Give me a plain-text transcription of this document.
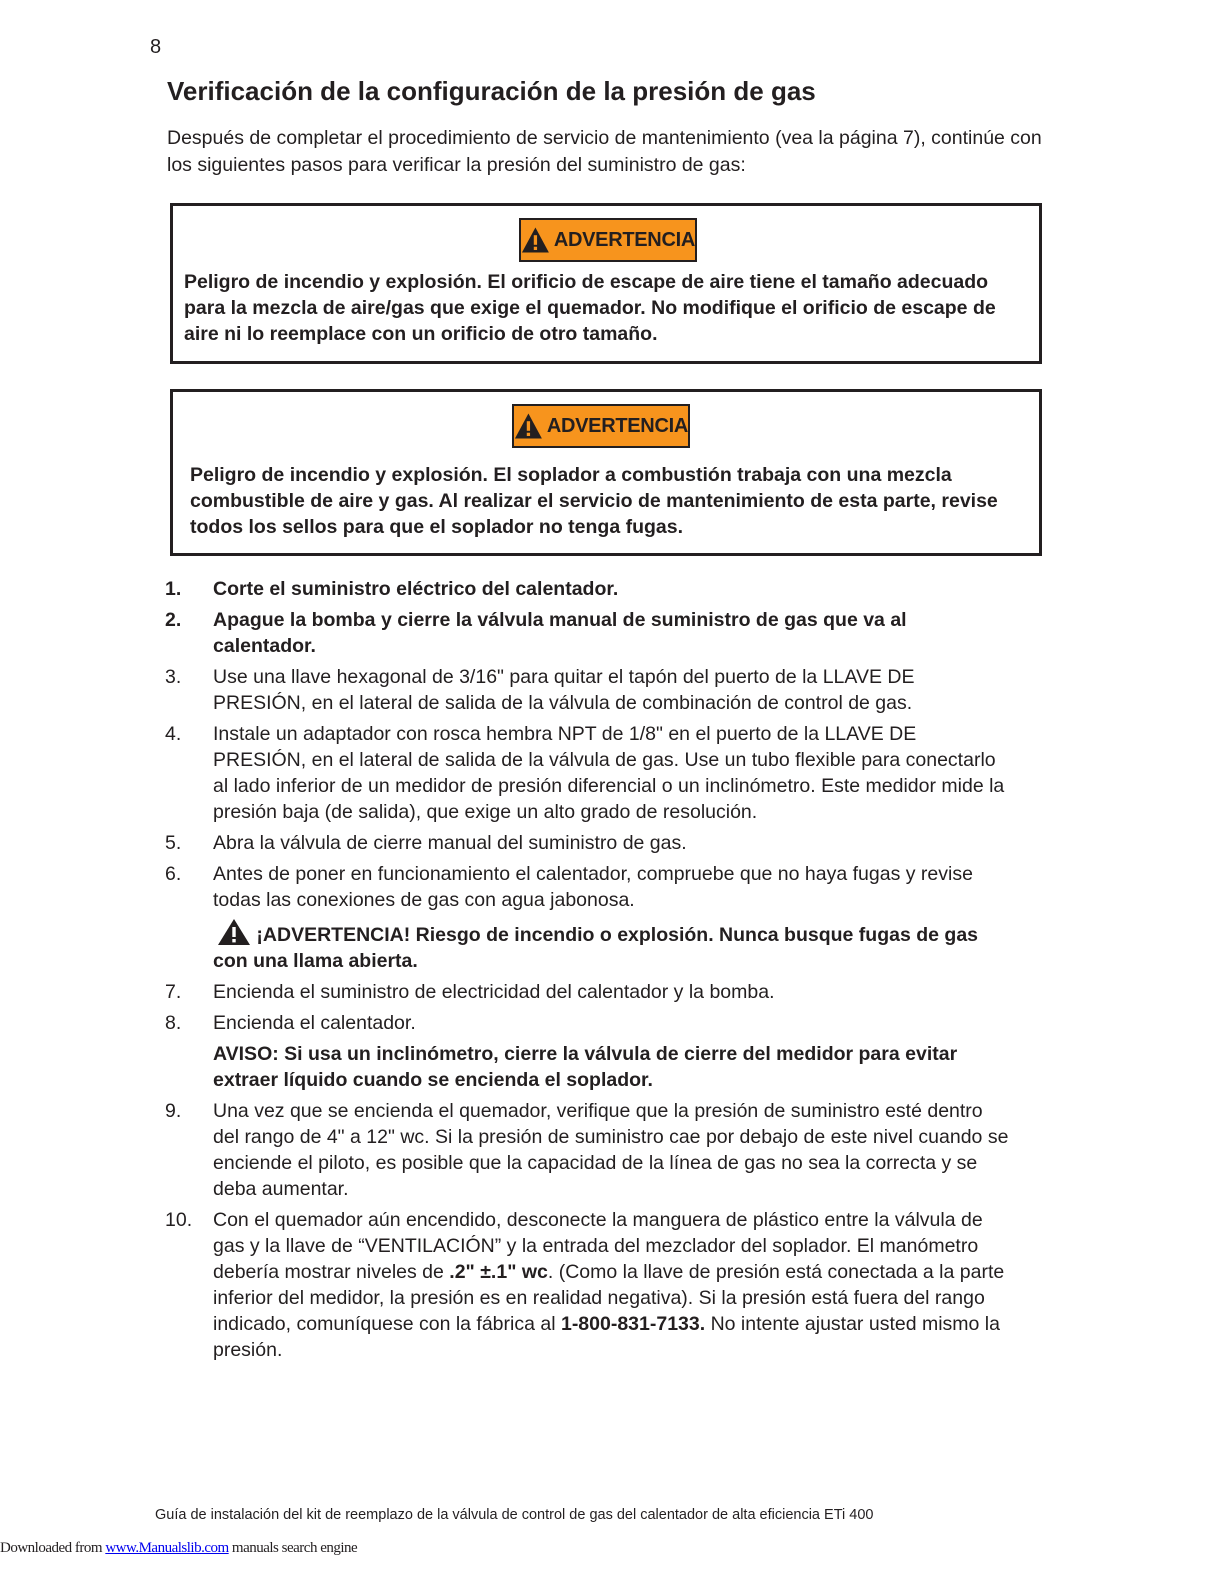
8
Verificación de la configuración de la presión de gas

Después de completar el procedimiento de servicio de mantenimiento (vea la página 7), continúe con los siguientes pasos para verificar la presión del suministro de gas:

ADVERTENCIA

Peligro de incendio y explosión. El orificio de escape de aire tiene el tamaño adecuado para la mezcla de aire/gas que exige el quemador. No modifique el orificio de escape de aire ni lo reemplace con un orificio de otro tamaño.

ADVERTENCIA

Peligro de incendio y explosión. El soplador a combustión trabaja con una mezcla combustible de aire y gas. Al realizar el servicio de mantenimiento de esta parte, revise todos los sellos para que el soplador no tenga fugas.

1.	Corte el suministro eléctrico del calentador.
2.	Apague la bomba y cierre la válvula manual de suministro de gas que va al calentador.
3.	Use una llave hexagonal de 3/16" para quitar el tapón del puerto de la LLAVE DE PRESIÓN, en el lateral de salida de la válvula de combinación de control de gas.
4.	Instale un adaptador con rosca hembra NPT de 1/8" en el puerto de la LLAVE DE PRESIÓN, en el lateral de salida de la válvula de gas. Use un tubo flexible para conectarlo al lado inferior de un medidor de presión diferencial o un inclinómetro. Este medidor mide la presión baja (de salida), que exige un alto grado de resolución.
5.	Abra la válvula de cierre manual del suministro de gas.
6.	Antes de poner en funcionamiento el calentador, compruebe que no haya fugas y revise todas las conexiones de gas con agua jabonosa.

¡ADVERTENCIA! Riesgo de incendio o explosión. Nunca busque fugas de gas con una llama abierta.

7.	Encienda el suministro de electricidad del calentador y la bomba.
8.	Encienda el calentador.

AVISO: Si usa un inclinómetro, cierre la válvula de cierre del medidor para evitar extraer líquido cuando se encienda el soplador.

9.	Una vez que se encienda el quemador, verifique que la presión de suministro esté dentro del rango de 4" a 12" wc. Si la presión de suministro cae por debajo de este nivel cuando se enciende el piloto, es posible que la capacidad de la línea de gas no sea la correcta y se deba aumentar.
10.	Con el quemador aún encendido, desconecte la manguera de plástico entre la válvula de gas y la llave de “VENTILACIÓN” y la entrada del mezclador del soplador. El manómetro debería mostrar niveles de .2" ±.1" wc. (Como la llave de presión está conectada a la parte inferior del medidor, la presión es en realidad negativa). Si la presión está fuera del rango indicado, comuníquese con la fábrica al 1-800-831-7133. No intente ajustar usted mismo la presión.
Guía de instalación del kit de reemplazo de la válvula de control de gas del calentador de alta eficiencia ETi 400
Downloaded from www.Manualslib.com manuals search engine
